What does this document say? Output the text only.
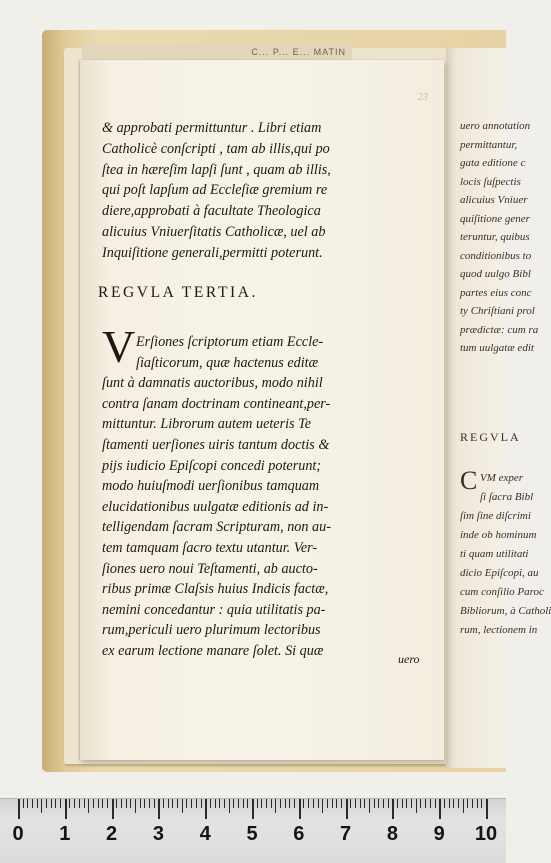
C... P... E... MATIN
uero annotation
permittantur,
gata editione c
locis ſuſpectis
alicuius Vniuer
quiſitione gener
teruntur, quibus
conditionibus to
quod uulgo Bibl
partes eius conc
ty Chriſtiani prol
prædictæ: cum ra
tum uulgatæ edit
REGVLA
C VM exper
ſi ſacra Bibl
ſim ſine diſcrimi
inde ob hominum
ti quam utilitati
dicio Epiſcopi, au
cum conſilio Paroc
Bibliorum, à Catholi
rum, lectionem in
23
& approbati permittuntur . Libri etiam
Catholicè conſcripti , tam ab illis,qui po
ſtea in hæreſim lapſi ſunt , quam ab illis,
qui poſt lapſum ad Eccleſiæ gremium re
diere,approbati à facultate Theologica
alicuius Vniuerſitatis Catholicæ, uel ab
Inquiſitione generali,permitti poterunt.
Erſiones ſcriptorum etiam Eccle-
ſiaſticorum, quæ hactenus editæ
ſunt à damnatis auctoribus, modo nihil
contra ſanam doctrinam contineant,per-
mittuntur. Librorum autem ueteris Te
ſtamenti uerſiones uiris tantum doctis &
pijs iudicio Epiſcopi concedi poterunt;
modo huiuſmodi uerſionibus tamquam
elucidationibus uulgatæ editionis ad in-
telligendam ſacram Scripturam, non au-
tem tamquam ſacro textu utantur. Ver-
ſiones uero noui Teſtamenti, ab aucto-
ribus primæ Claſsis huius Indicis factæ,
nemini concedantur : quia utilitatis pa-
rum,periculi uero plurimum lectoribus
ex earum lectione manare ſolet. Si quæ
REGVLA TERTIA.
V
uero
0 1 2 3 4 5 6 7 8 9 10
